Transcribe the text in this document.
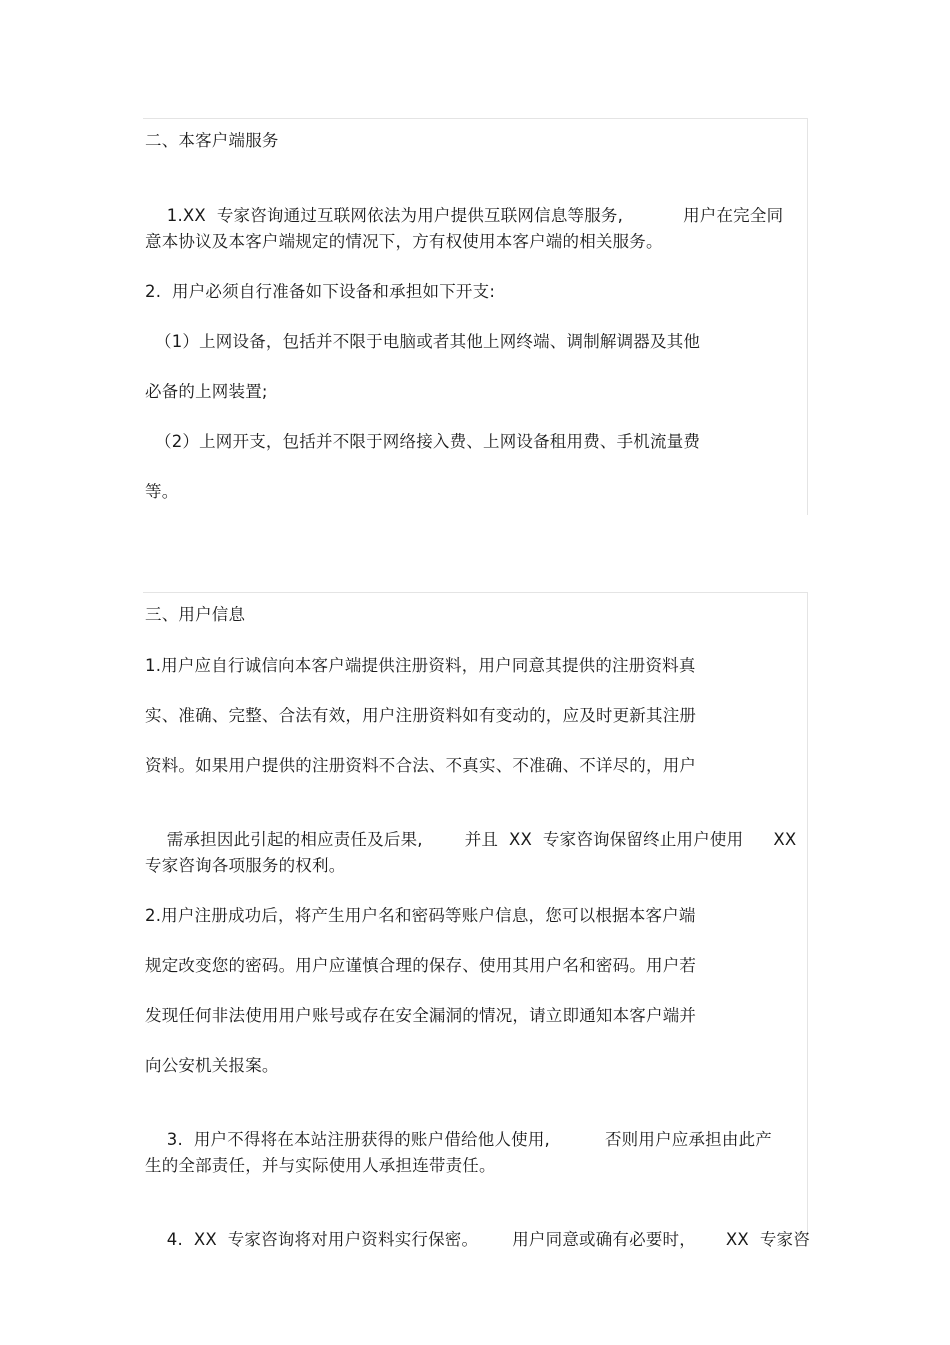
二、本客户端服务

1.XX  专家咨询通过互联网依法为用户提供互联网信息等服务,	用户在完全同

意本协议及本客户端规定的情况下，方有权使用本客户端的相关服务。
2.  用户必须自行准备如下设备和承担如下开支:
（1）上网设备，包括并不限于电脑或者其他上网终端、调制解调器及其他
必备的上网装置;
（2）上网开支，包括并不限于网络接入费、上网设备租用费、手机流量费
等。
三、用户信息
1.用户应自行诚信向本客户端提供注册资料，用户同意其提供的注册资料真
实、准确、完整、合法有效，用户注册资料如有变动的，应及时更新其注册
资料。如果用户提供的注册资料不合法、不真实、不准确、不详尽的，用户

需承担因此引起的相应责任及后果,	并且  XX  专家咨询保留终止用户使用 XX

专家咨询各项服务的权利。
2.用户注册成功后，将产生用户名和密码等账户信息，您可以根据本客户端
规定改变您的密码。用户应谨慎合理的保存、使用其用户名和密码。用户若
发现任何非法使用用户账号或存在安全漏洞的情况，请立即通知本客户端并
向公安机关报案。

3.  用户不得将在本站注册获得的账户借给他人使用,	否则用户应承担由此产

生的全部责任，并与实际使用人承担连带责任。

4.  XX  专家咨询将对用户资料实行保密。 用户同意或确有必要时， XX  专家咨
